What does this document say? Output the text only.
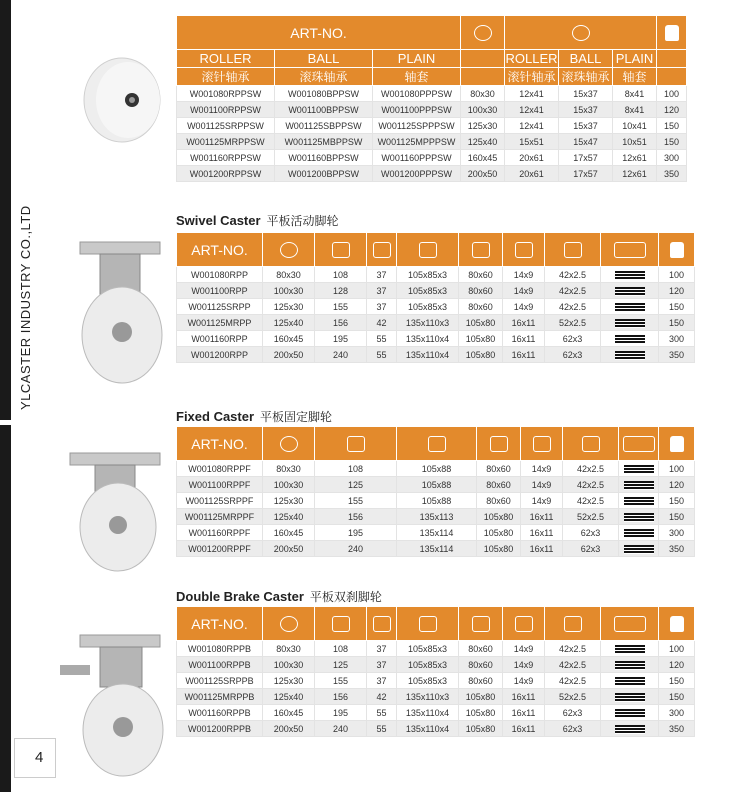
YLCASTER INDUSTRY CO.,LTD
4
ART-NO.							
ROLLER	BALL	PLAIN		ROLLER	BALL	PLAIN	
滚针轴承	滚珠轴承	轴套		滚针轴承	滚珠轴承	轴套	
W001080RPPSW	W001080BPPSW	W001080PPPSW	80x30	12x41	15x37	8x41	100
W001100RPPSW	W001100BPPSW	W001100PPPSW	100x30	12x41	15x37	8x41	120
W001125SRPPSW	W001125SBPPSW	W001125SPPPSW	125x30	12x41	15x37	10x41	150
W001125MRPPSW	W001125MBPPSW	W001125MPPPSW	125x40	15x51	15x47	10x51	150
W001160RPPSW	W001160BPPSW	W001160PPPSW	160x45	20x61	17x57	12x61	300
W001200RPPSW	W001200BPPSW	W001200PPPSW	200x50	20x61	17x57	12x61	350
Swivel Caster 平板活动脚轮
ART-NO.									
W001080RPP	80x30	108	37	105x85x3	80x60	14x9	42x2.5		100
W001100RPP	100x30	128	37	105x85x3	80x60	14x9	42x2.5		120
W001125SRPP	125x30	155	37	105x85x3	80x60	14x9	42x2.5		150
W001125MRPP	125x40	156	42	135x110x3	105x80	16x11	52x2.5		150
W001160RPP	160x45	195	55	135x110x4	105x80	16x11	62x3		300
W001200RPP	200x50	240	55	135x110x4	105x80	16x11	62x3		350
Fixed Caster 平板固定脚轮
ART-NO.								
W001080RPPF	80x30	108	105x88	80x60	14x9	42x2.5		100
W001100RPPF	100x30	125	105x88	80x60	14x9	42x2.5		120
W001125SRPPF	125x30	155	105x88	80x60	14x9	42x2.5		150
W001125MRPPF	125x40	156	135x113	105x80	16x11	52x2.5		150
W001160RPPF	160x45	195	135x114	105x80	16x11	62x3		300
W001200RPPF	200x50	240	135x114	105x80	16x11	62x3		350
Double Brake Caster 平板双刹脚轮
ART-NO.									
W001080RPPB	80x30	108	37	105x85x3	80x60	14x9	42x2.5		100
W001100RPPB	100x30	125	37	105x85x3	80x60	14x9	42x2.5		120
W001125SRPPB	125x30	155	37	105x85x3	80x60	14x9	42x2.5		150
W001125MRPPB	125x40	156	42	135x110x3	105x80	16x11	52x2.5		150
W001160RPPB	160x45	195	55	135x110x4	105x80	16x11	62x3		300
W001200RPPB	200x50	240	55	135x110x4	105x80	16x11	62x3		350
